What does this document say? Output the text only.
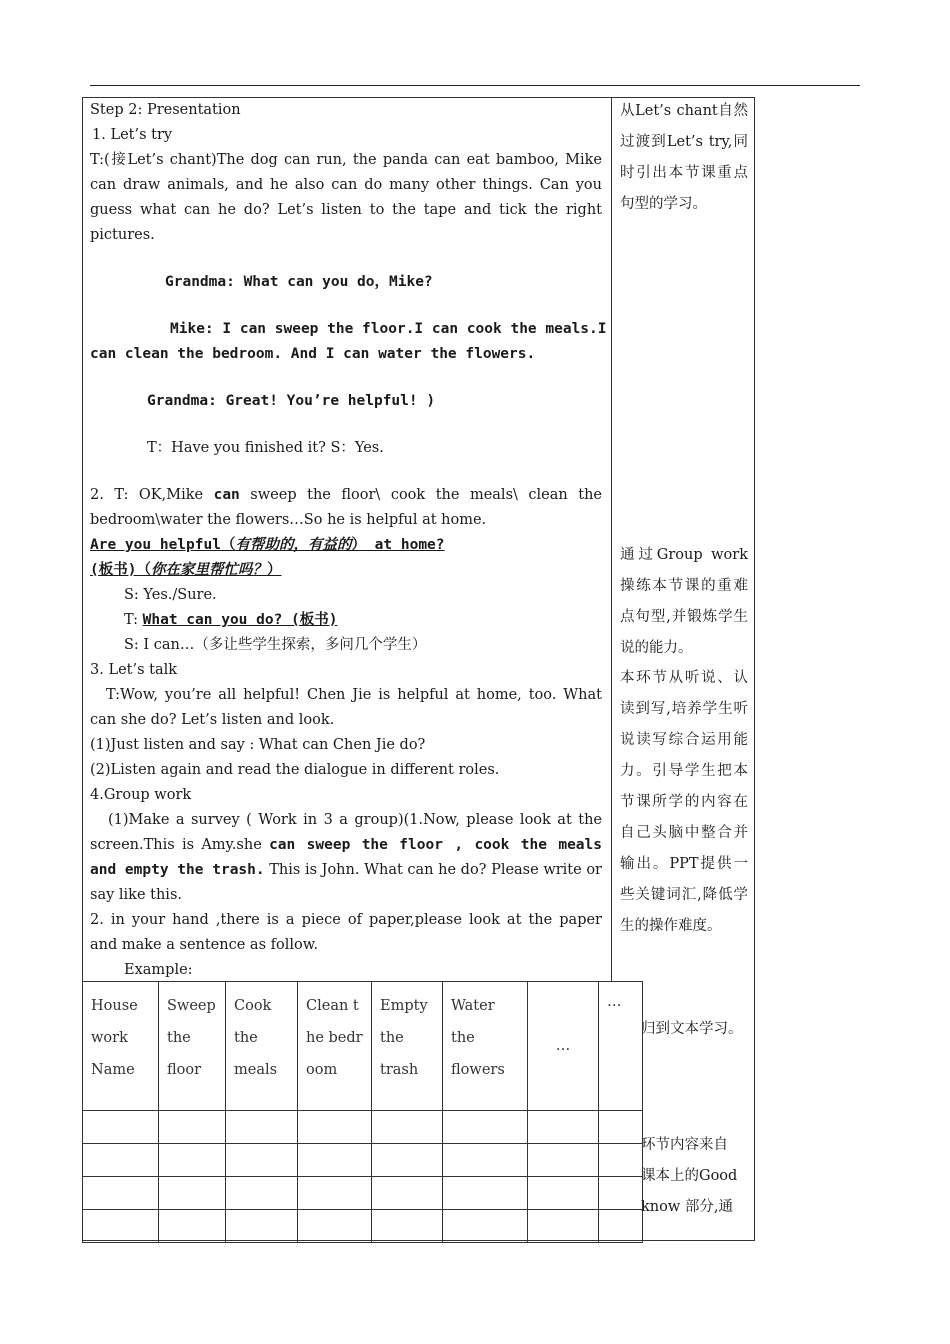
Step 2: Presentation

1. Let’s try

T:(接Let’s chant)The dog can run, the panda can eat bamboo, Mike can draw animals, and he also can do many other things. Can you guess what can he do? Let’s listen to the tape and tick the right pictures.

Grandma: What can you do，Mike?

Mike: I can sweep the floor.I can cook the meals.I

can clean the bedroom. And I can water the flowers.

Grandma: Great! You’re helpful! )

T：Have you finished it? S：Yes.

2. T: OK,Mike can sweep the floor\ cook the meals\ clean the bedroom\water the flowers…So he is helpful at home.

Are you helpful（有帮助的，有益的） at home?

(板书)（你在家里帮忙吗？）

S: Yes./Sure.

T: What can you do? (板书)

S: I can…（多让些学生探索，多问几个学生）

3. Let’s talk

T:Wow, you’re all helpful! Chen Jie is helpful at home, too. What can she do? Let’s listen and look.

(1)Just listen and say : What can Chen Jie do?

(2)Listen again and read the dialogue in different roles.

4.Group work

(1)Make a survey ( Work in 3 a group)(1.Now, please look at the screen.This is Amy.she can sweep the floor , cook the meals and empty the trash. This is John. What can he do? Please write or say like this.

2. in your hand ,there is a piece of paper,please look at the paper and make a sentence as follow.

Example:

从Let’s chant自然过渡到Let’s try,同时引出本节课重点句型的学习。
通过Group work操练本节课的重难点句型,并锻炼学生说的能力。
本环节从听说、认读到写,培养学生听说读写综合运用能力。引导学生把本节课所学的内容在自己头脑中整合并输出。PPT提供一些关键词汇,降低学生的操作难度。
归到文本学习。
环节内容来自
课本上的Good
know 部分,通
House work Name	Sweep the floor	Cook the meals	Clean the bedroom	Empty the trash	Water the flowers	…	…
